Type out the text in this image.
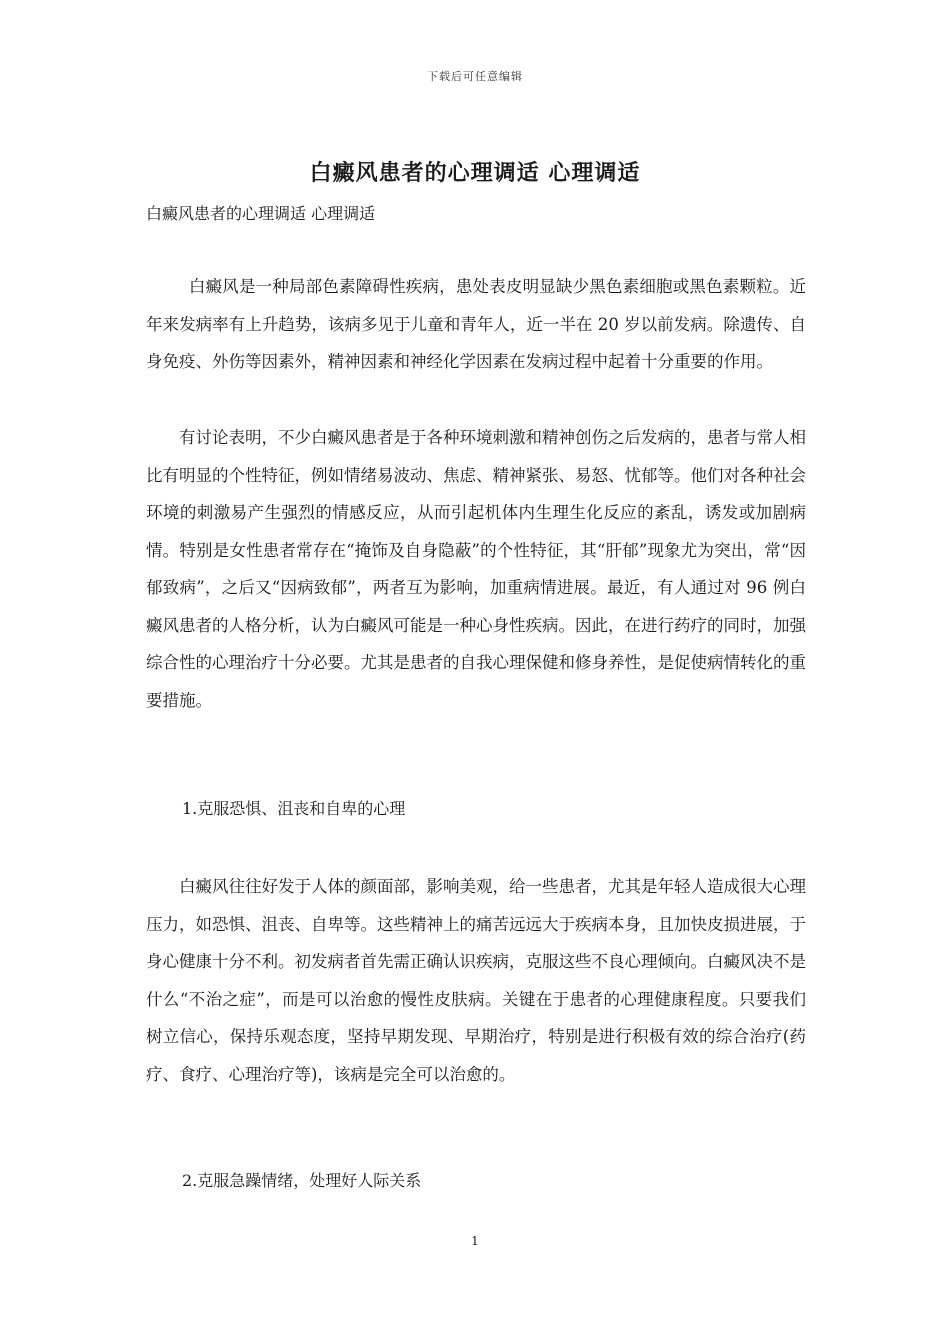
下载后可任意编辑
白癜风患者的心理调适 心理调适
白癜风患者的心理调适 心理调适

白癜风是一种局部色素障碍性疾病，患处表皮明显缺少黑色素细胞或黑色素颗粒。近年来发病率有上升趋势，该病多见于儿童和青年人，近一半在 20 岁以前发病。除遗传、自身免疫、外伤等因素外，精神因素和神经化学因素在发病过程中起着十分重要的作用。

有讨论表明，不少白癜风患者是于各种环境刺激和精神创伤之后发病的，患者与常人相比有明显的个性特征，例如情绪易波动、焦虑、精神紧张、易怒、忧郁等。他们对各种社会环境的刺激易产生强烈的情感反应，从而引起机体内生理生化反应的紊乱，诱发或加剧病情。特别是女性患者常存在“掩饰及自身隐蔽”的个性特征，其“肝郁”现象尤为突出，常“因郁致病”，之后又“因病致郁”，两者互为影响，加重病情进展。最近，有人通过对 96 例白癜风患者的人格分析，认为白癜风可能是一种心身性疾病。因此，在进行药疗的同时，加强综合性的心理治疗十分必要。尤其是患者的自我心理保健和修身养性，是促使病情转化的重要措施。

1.克服恐惧、沮丧和自卑的心理

白癜风往往好发于人体的颜面部，影响美观，给一些患者，尤其是年轻人造成很大心理压力，如恐惧、沮丧、自卑等。这些精神上的痛苦远远大于疾病本身，且加快皮损进展，于身心健康十分不利。初发病者首先需正确认识疾病，克服这些不良心理倾向。白癜风决不是什么“不治之症”，而是可以治愈的慢性皮肤病。关键在于患者的心理健康程度。只要我们树立信心，保持乐观态度，坚持早期发现、早期治疗，特别是进行积极有效的综合治疗(药疗、食疗、心理治疗等)，该病是完全可以治愈的。

2.克服急躁情绪，处理好人际关系
1
